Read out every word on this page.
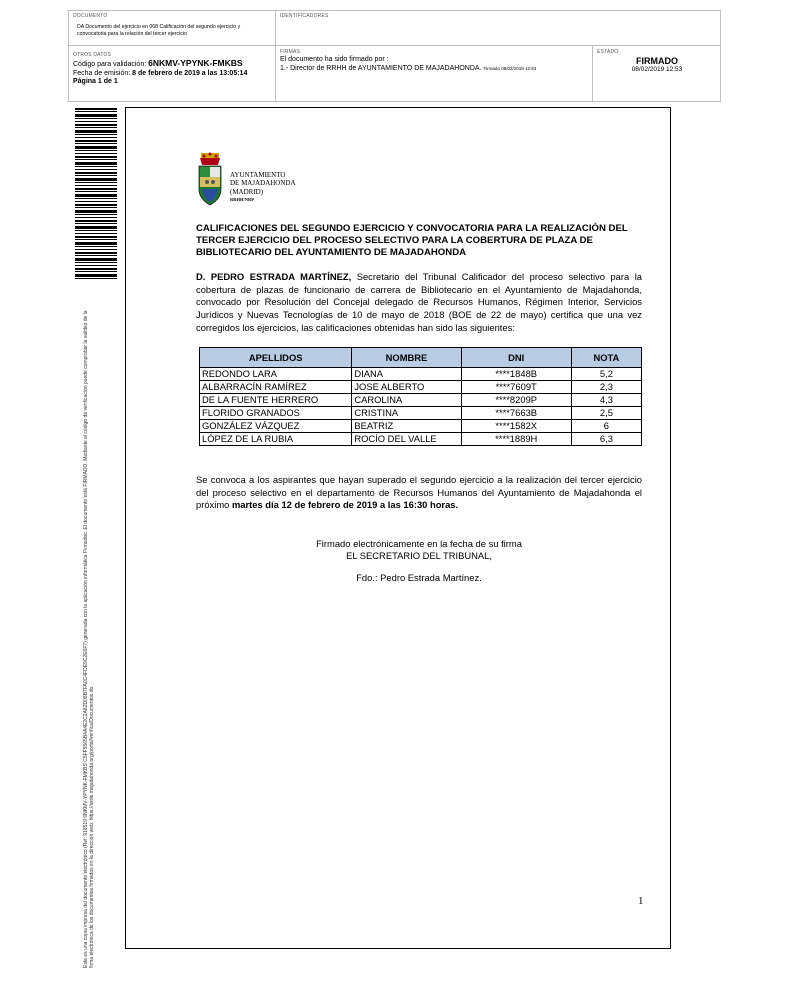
DOCUMENTO
DA Documento del ejercicio en 068 Calificación del segundo ejercicio y convocatoria para la relación del tercer ejercicio
IDENTIFICADORES
OTROS DATOS
Código para validación: 6NKMV-YPYNK-FMKBS
Fecha de emisión: 8 de febrero de 2019 a las 13:05:14
Página 1 de 1
FIRMAS
El documento ha sido firmado por :
1.- Director de RRHH de AYUNTAMIENTO DE MAJADAHONDA. Firmado 08/02/2019 12:53
ESTADO
FIRMADO
08/02/2019 12:53
Este es una copia impresa del documento electrónico (Ref: 918519 6NKMV-YPYNK-FMKBS C5FF5565B4A4E2C2A82D08B7FA0C4FDE9C2E6F7) generada con la aplicación informática Firmadoc. El documento está FIRMADO. Mediante el código de verificación puede comprobar la validez de la firma electrónica de los documentos firmados en la dirección web: https://sede.majadahonda.org/portal/verifica/Documentos.do
AYUNTAMIENTO
DE MAJADAHONDA
(MADRID)
RRHH/NRP
CALIFICACIONES DEL SEGUNDO EJERCICIO Y CONVOCATORIA PARA LA REALIZACIÓN DEL TERCER EJERCICIO DEL PROCESO SELECTIVO PARA LA COBERTURA DE PLAZA DE BIBLIOTECARIO DEL AYUNTAMIENTO DE MAJADAHONDA
D. PEDRO ESTRADA MARTÍNEZ, Secretario del Tribunal Calificador del proceso selectivo para la cobertura de plazas de funcionario de carrera de Bibliotecario en el Ayuntamiento de Majadahonda, convocado por Resolución del Concejal delegado de Recursos Humanos, Régimen Interior, Servicios Jurídicos y Nuevas Tecnologías de 10 de mayo de 2018 (BOE de 22 de mayo) certifica que una vez corregidos los ejercicios, las calificaciones obtenidas han sido las siguientes:
APELLIDOS	NOMBRE	DNI	NOTA
REDONDO LARA	DIANA	****1848B	5,2
ALBARRACÍN RAMÍREZ	JOSE ALBERTO	****7609T	2,3
DE LA FUENTE HERRERO	CAROLINA	****8209P	4,3
FLORIDO GRANADOS	CRISTINA	****7663B	2,5
GONZÁLEZ VÁZQUEZ	BEATRIZ	****1582X	6
LÓPEZ DE LA RUBIA	ROCÍO DEL VALLE	****1889H	6,3
Se convoca a los aspirantes que hayan superado el segundo ejercicio a la realización del tercer ejercicio del proceso selectivo en el departamento de Recursos Humanos del Ayuntamiento de Majadahonda el próximo martes día 12 de febrero de 2019 a las 16:30 horas.
Firmado electrónicamente en la fecha de su firma
EL SECRETARIO DEL TRIBUNAL,
Fdo.: Pedro Estrada Martínez.
1
